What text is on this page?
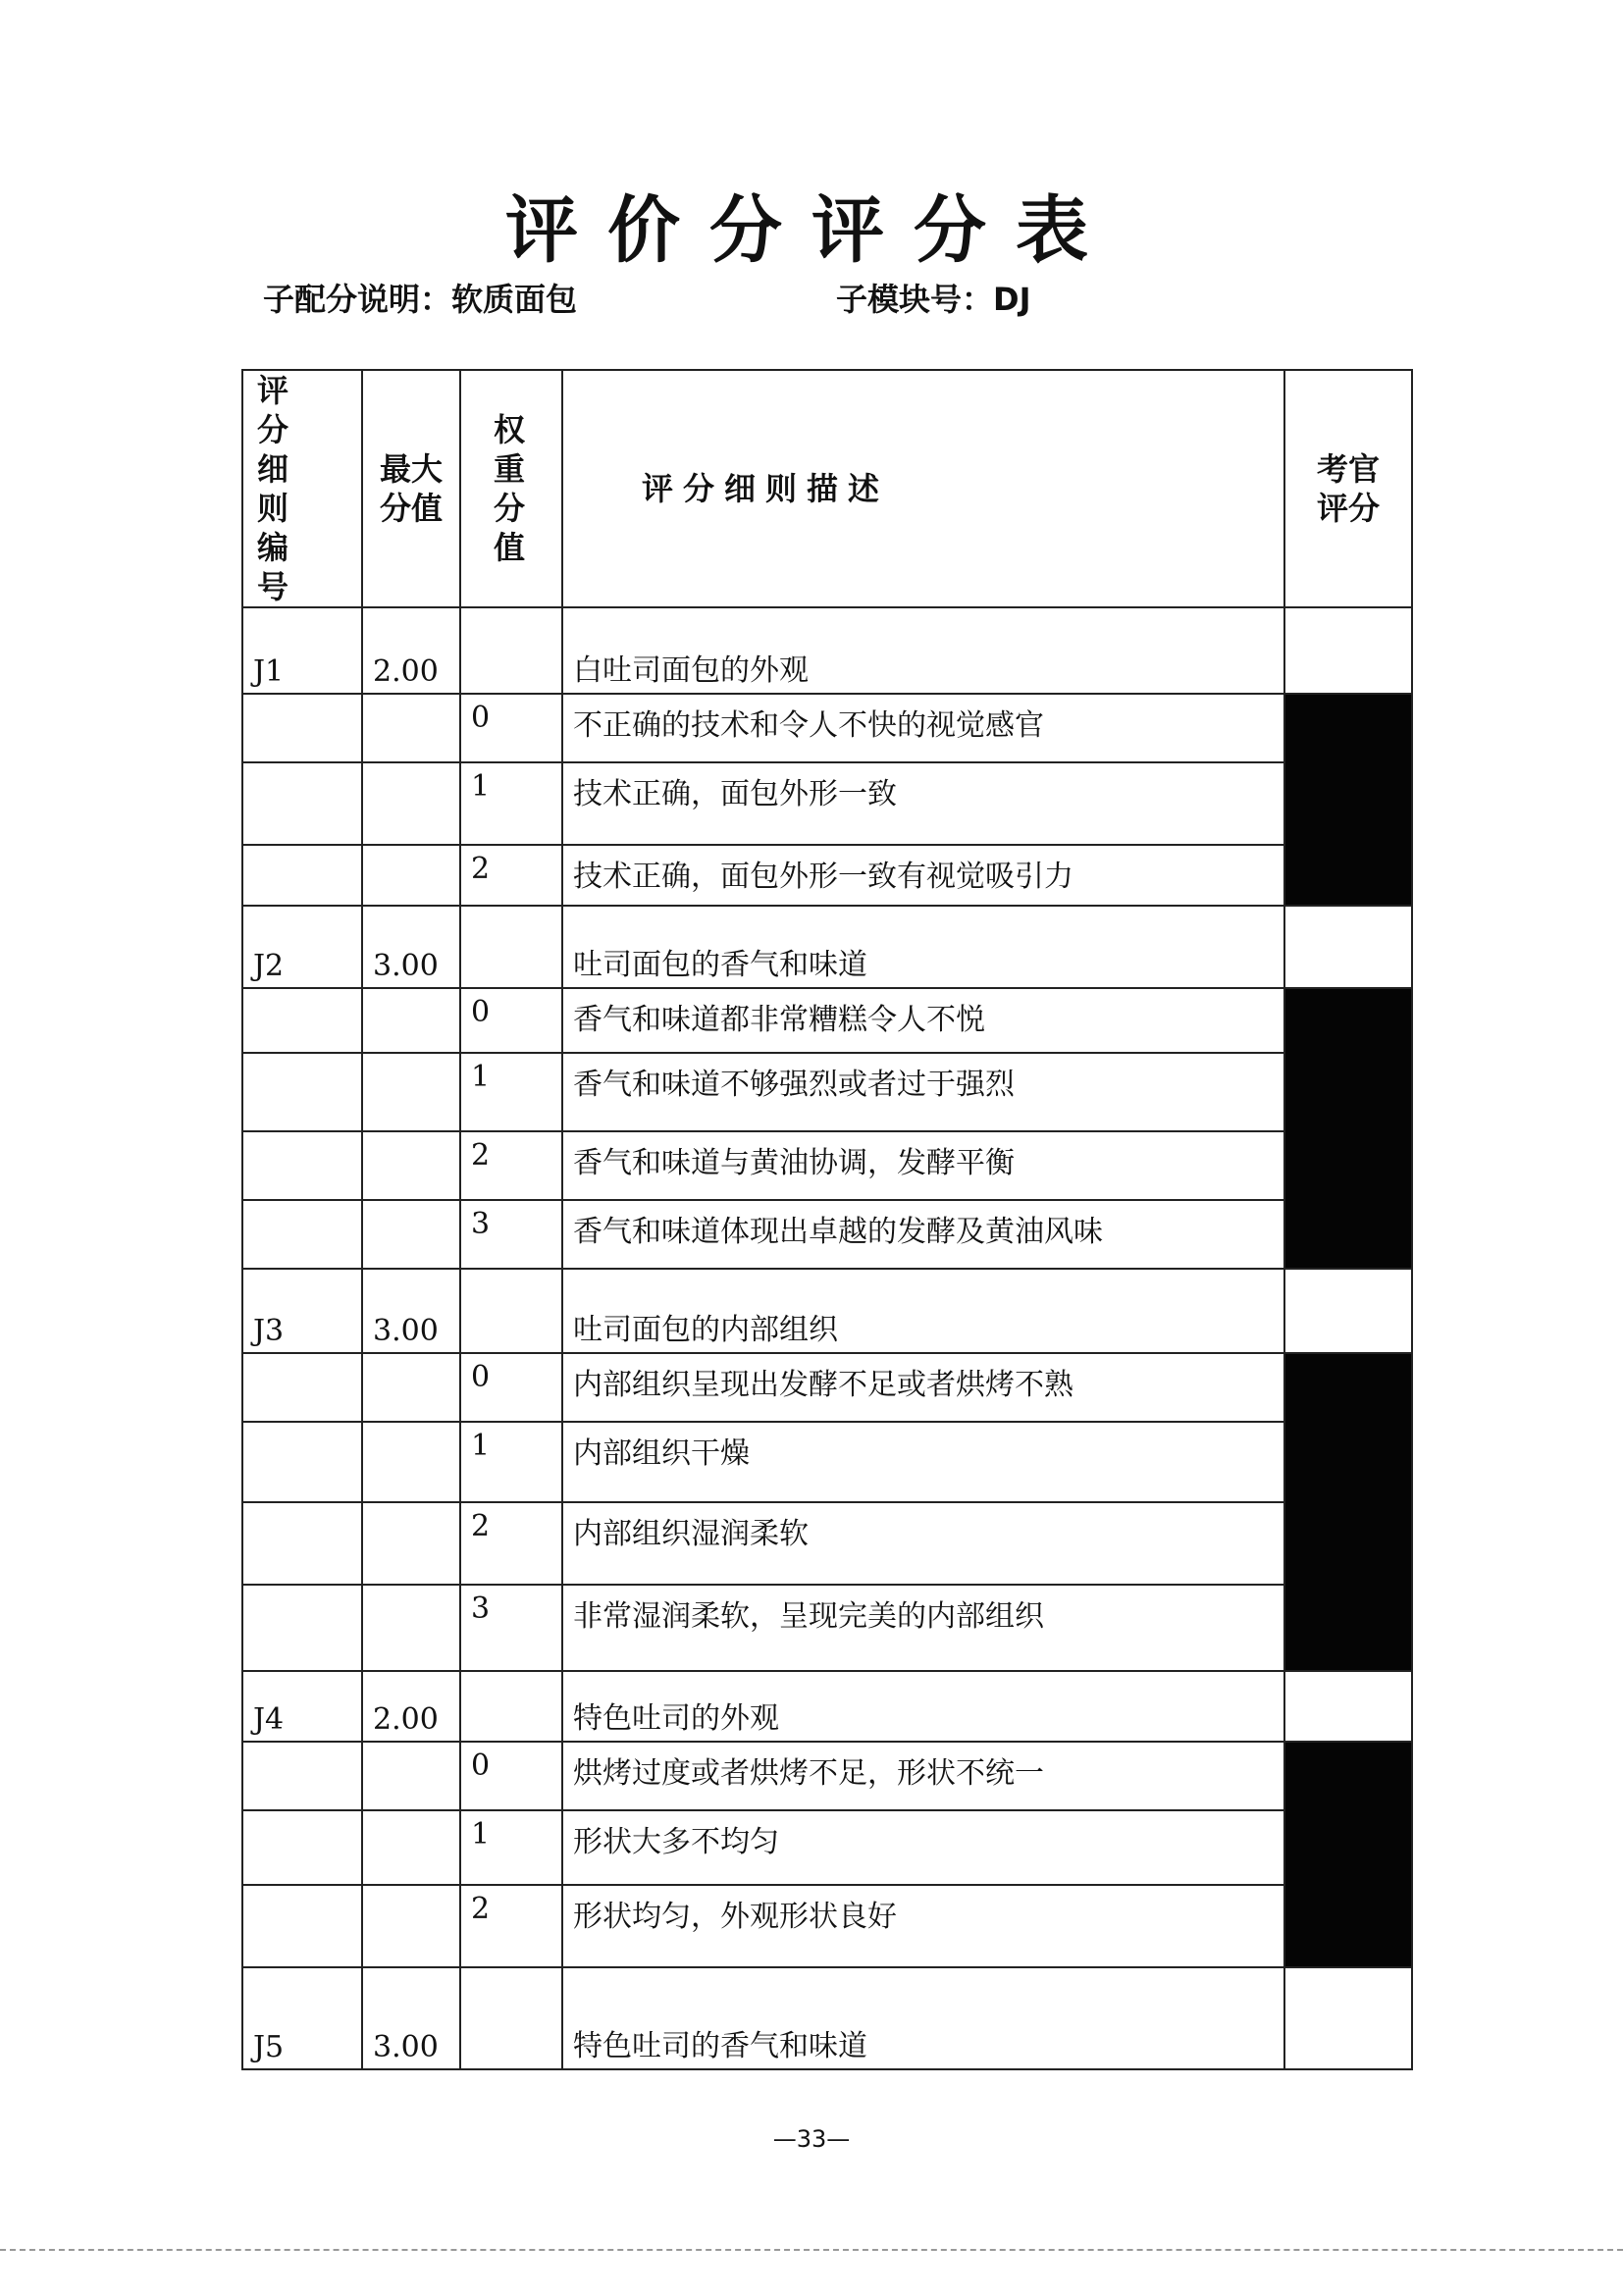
评价分评分表
子配分说明：软质面包	子模块号：DJ
评分细则编号	最大分值	权重分值	评分细则描述	考官评分

J1	2.00		白吐司面包的外观	
		0	不正确的技术和令人不快的视觉感官	
		1	技术正确，面包外形一致	
		2	技术正确，面包外形一致有视觉吸引力	
J2	3.00		吐司面包的香气和味道	
		0	香气和味道都非常糟糕令人不悦	
		1	香气和味道不够强烈或者过于强烈	
		2	香气和味道与黄油协调，发酵平衡	
		3	香气和味道体现出卓越的发酵及黄油风味	
J3	3.00		吐司面包的内部组织	
		0	内部组织呈现出发酵不足或者烘烤不熟	
		1	内部组织干燥	
		2	内部组织湿润柔软	
		3	非常湿润柔软，呈现完美的内部组织	
J4	2.00		特色吐司的外观	
		0	烘烤过度或者烘烤不足，形状不统一	
		1	形状大多不均匀	
		2	形状均匀，外观形状良好	
J5	3.00		特色吐司的香气和味道	
—33—
